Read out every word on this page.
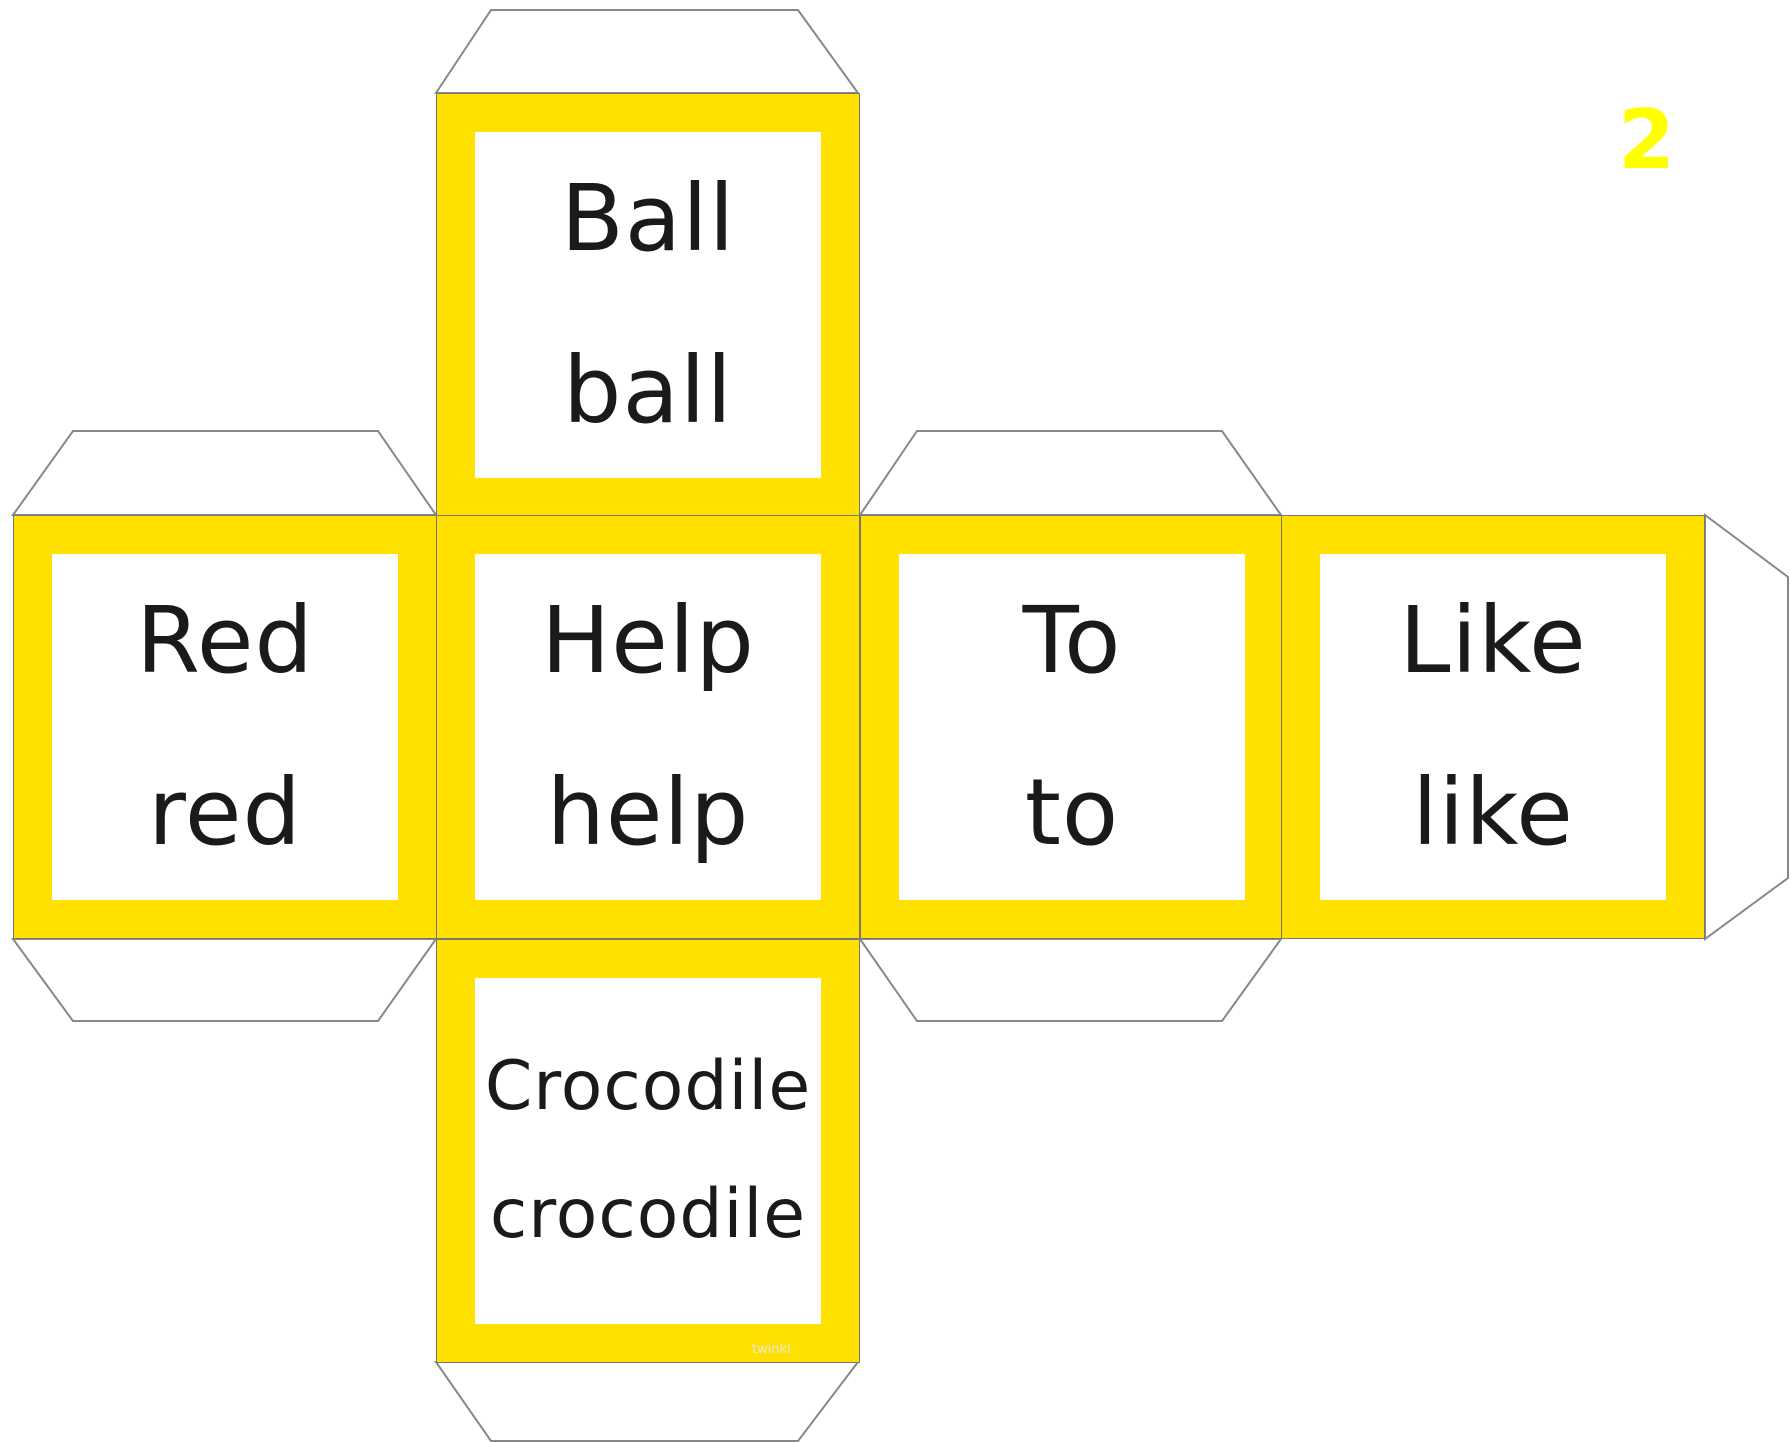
Ball
ball
Red
red
Help
help
To
to
Like
like
Crocodile
crocodile
2
twinkl
